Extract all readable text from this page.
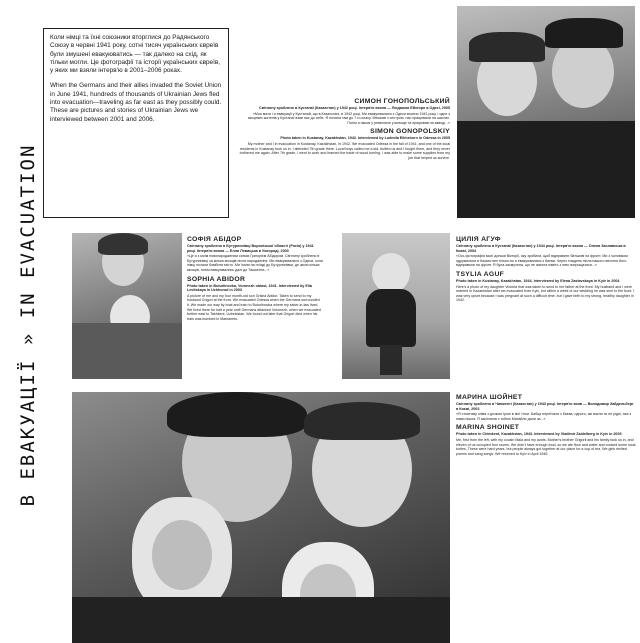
В ЕВАКУАЦІЇ » IN EVACUATION

Коли німці та їхні союзники вторглися до Радянського Союзу в червні 1941 року, сотні тисяч українських євреїв були змушені евакуюватись — так далеко на схід, як тільки могли. Це фотографії та історії українських євреїв, у яких ми взяли інтерв'ю в 2001–2006 роках.

When the Germans and their allies invaded the Soviet Union in June 1941, hundreds of thousands of Ukrainian Jews fled into evacuation—traveling as far east as they possibly could. These are pictures and stories of Ukrainian Jews we interviewed between 2001 and 2006.

СИМОН ГОНОПОЛЬСЬКИЙ
Світлину зроблено в Кустанаї (Казахстан) у 1942 році. Інтерв'ю взяла — Людмила Ейхгорн в Одесі, 2005
«Моя мати і я евакуації у Кустанай, що в Казахстані, в 1942 році. Ми евакуювалися з Одеси восени 1941 року, і одне з місцевих жителів у Кустанаї взяв нас до себе. Я почала там до 7-го класу. Мешкав з сестрою, нас працювали на шахтах. Потім я пішов у ремісниче училище та працював на заводі...»
SIMON GONOPOLSKIY
Photo taken in Kustanay, Kazakhstan, 1942. Interviewed by Ludmila Eikhshorn in Odessa in 2005
My mother and I in evacuation in Kustanay, Kazakhstan, in 1942. We evacuated Odessa in the fall of 1941, and one of the local residents in Kustanay took us in. I attended 7th grade there. Local boys called me a kid, bullied us and I fought them, and they never bothered me again. After 7th grade, I went to work and learned the trade of wood turning. I was able to make some supplies from my job that helped us survive.
СОФІЯ АБІДОР
Світлину зроблено в Бутурлинівці Воронізької області (Росія) у 1941 році. Інтерв'ю взяла — Елла Левицька в Ужгороді, 2003
«Це я з моїм новонародженим сином Григорієм Абідором. Світлину зроблено в Бутурлинівці за кілька місяців після народження. Ми евакуювалися з Одеси, коли німці почали бомбити місто. Ми їхали на поїзді до Бутурлинівки, де жили кілька місяців, потім евакуювались далі до Ташкента...»
SOPHIA ABIDOR
Photo taken in Buturlinovka, Voronezh oblast, 1941. Interviewed by Ella Levitskaya in Uzhhorod in 2003
A picture of me and my four month-old son Grisha Abidor. Taken to send to my husband Grigori at the front. We evacuated Odessa when the Germans surrounded it. We made our way by boat and train to Buturlinovka where my sister-in-law lived. We lived there for half a year until Germans attacked Voronezh, when we evacuated further east to Tashkent, Uzbekistan. We found out later that Grigori died when his train was bombed in Mamanets.
ЦИЛІЯ АГУФ
Світлину зроблено в Кустанаї (Казахстан) у 1944 році. Інтерв'ю взяла — Олена Заславська в Києві, 2004
«Ось фотографія моєї доньки Вікторії, яку зробили, щоб відправити батькові на фронт. Ми з чоловіком одружилися в Казахстані тільки-но я евакуювалася з Києва. Через тиждень після нашого весілля його відправили на фронт. Я була засмучена, що не змогла навіть з ним попрощатися...»
TSYLIA AGUF
Photo taken in Kustanay, Kazakhstan, 1944. Interviewed by Elena Zaslavskaya in Kyiv in 2004
Here's a photo of my daughter Victoria that was taken to send to her father at the front. My husband and I were married in Kazakhstan after we evacuated from Kyiv, but within a week of our wedding he was sent to the front. I was very upset because I was pregnant at such a difficult time, but I gave birth to my strong, healthy daughter in 1942.
МАРИНА ШОЙНЕТ
Світлину зроблено в Чимкенті (Казахстан) у 1943 році. Інтерв'ю взяв — Володимир Зайдельберг в Києві, 2003
«Я стоятиму зліва з дочкою Ірою в мої тітки. Бабця переїхала з Києва, одного, які взяли ти не рідні, яка з нами пішла. Я закінчила з тобою Михайло дали за...»
MARINA SHOINET
Photo taken in Chimkent, Kazakhstan, 1943. Interviewed by Vladimir Zaidelberg in Kyiv in 2003
Me, first from the left, with my cousin Maia and my aunts. Mother's brother Grigorii and his family took us in, and eleven of us occupied four rooms. We didn't have enough food, so we ate flour and water and cooked some local turtles. These were hard years, but people always got together at our place for a cup of tea. We girls recited poems and sang songs. We returned to Kyiv in April 1945.
